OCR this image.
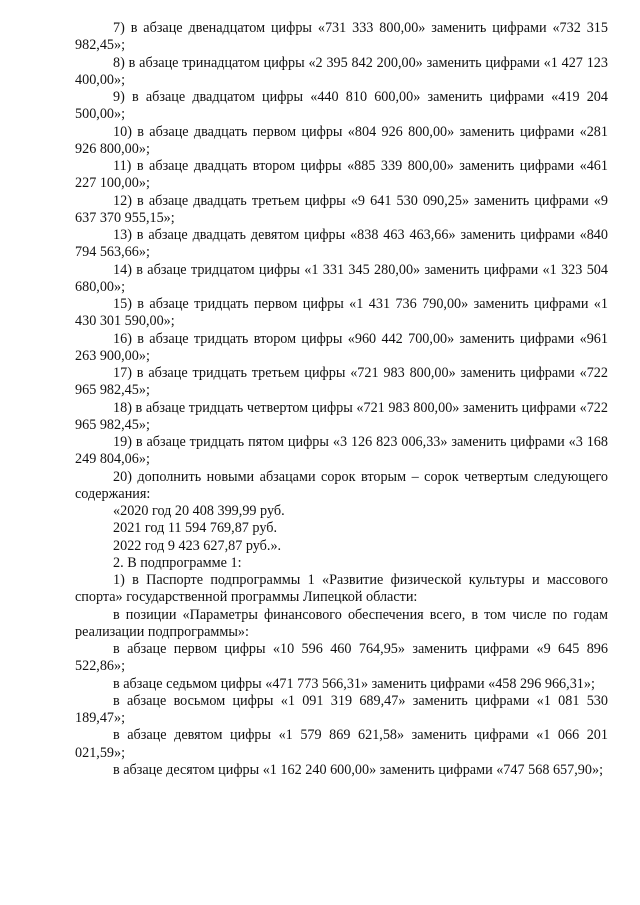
7) в абзаце двенадцатом цифры «731 333 800,00» заменить цифрами «732 315 982,45»;

8) в абзаце тринадцатом цифры «2 395 842 200,00» заменить цифрами «1 427 123 400,00»;

9) в абзаце двадцатом цифры «440 810 600,00» заменить цифрами «419 204 500,00»;

10) в абзаце двадцать первом цифры «804 926 800,00» заменить цифрами «281 926 800,00»;

11) в абзаце двадцать втором цифры «885 339 800,00» заменить цифрами «461 227 100,00»;

12) в абзаце двадцать третьем цифры «9 641 530 090,25» заменить цифрами «9 637 370 955,15»;

13) в абзаце двадцать девятом цифры «838 463 463,66» заменить цифрами «840 794 563,66»;

14) в абзаце тридцатом цифры «1 331 345 280,00» заменить цифрами «1 323 504 680,00»;

15) в абзаце тридцать первом цифры «1 431 736 790,00» заменить цифрами «1 430 301 590,00»;

16) в абзаце тридцать втором цифры «960 442 700,00» заменить цифрами «961 263 900,00»;

17) в абзаце тридцать третьем цифры «721 983 800,00» заменить цифрами «722 965 982,45»;

18) в абзаце тридцать четвертом цифры «721 983 800,00» заменить цифрами «722 965 982,45»;

19) в абзаце тридцать пятом цифры «3 126 823 006,33» заменить цифрами «3 168 249 804,06»;

20) дополнить новыми абзацами сорок вторым – сорок четвертым следующего содержания:

«2020 год 20 408 399,99 руб.

2021 год 11 594 769,87 руб.

2022 год 9 423 627,87 руб.».

2. В подпрограмме 1:

1) в Паспорте подпрограммы 1 «Развитие физической культуры и массового спорта» государственной программы Липецкой области:

в позиции «Параметры финансового обеспечения всего, в том числе по годам реализации подпрограммы»:

в абзаце первом цифры «10 596 460 764,95» заменить цифрами «9 645 896 522,86»;

в абзаце седьмом цифры «471 773 566,31» заменить цифрами «458 296 966,31»;

в абзаце восьмом цифры «1 091 319 689,47» заменить цифрами «1 081 530 189,47»;

в абзаце девятом цифры «1 579 869 621,58» заменить цифрами «1 066 201 021,59»;

в абзаце десятом цифры «1 162 240 600,00» заменить цифрами «747 568 657,90»;
